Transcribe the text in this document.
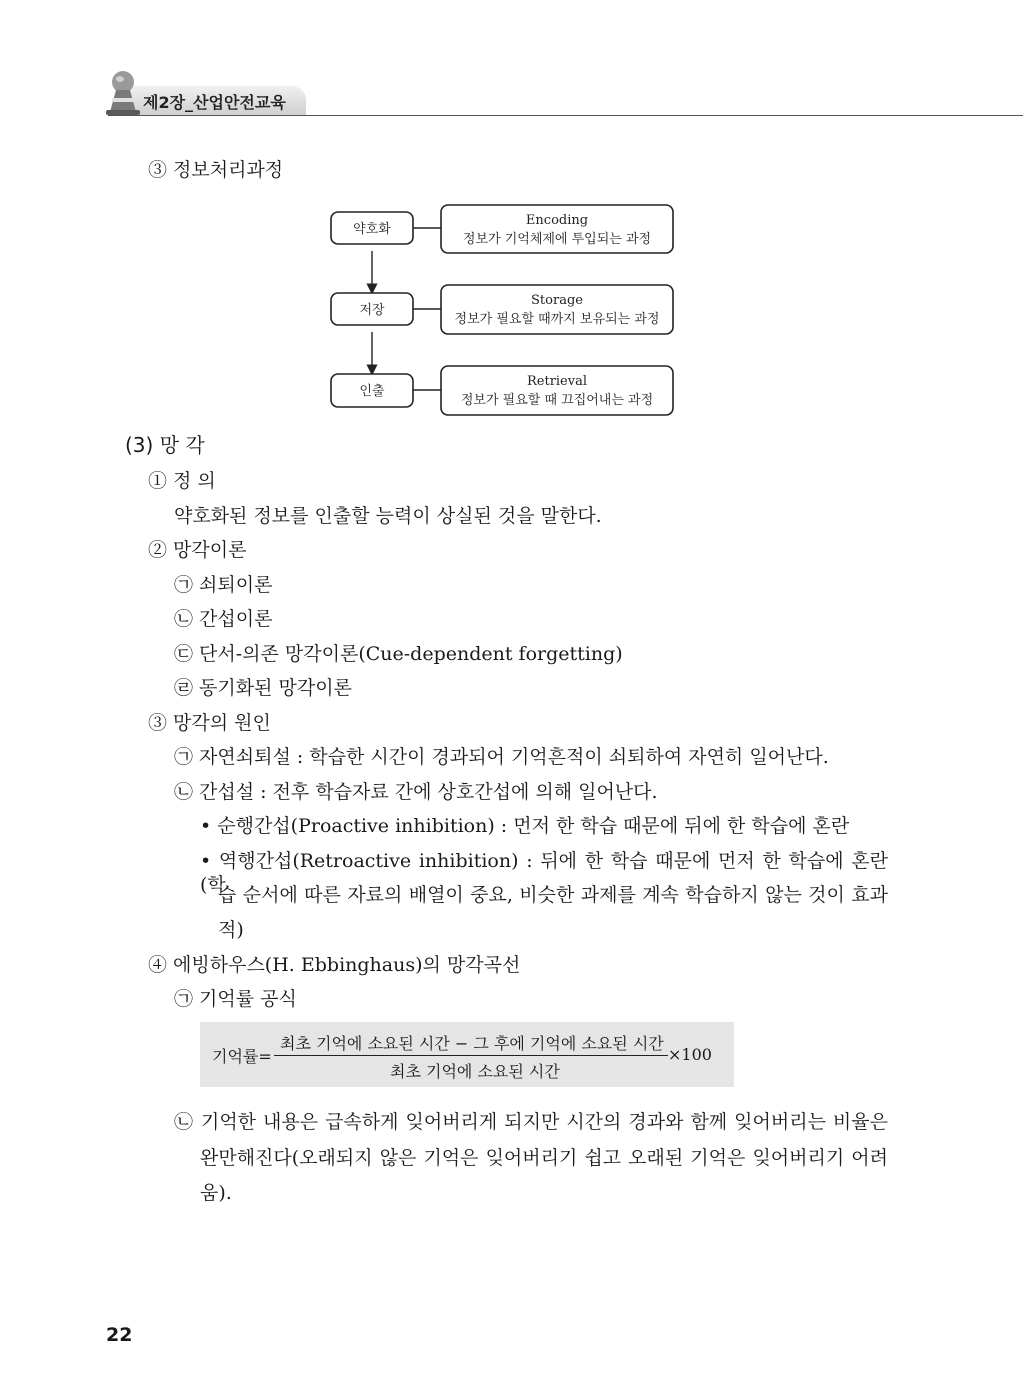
제2장_산업안전교육
③ 정보처리과정
약호화
Encoding
정보가 기억체제에 투입되는 과정
저장
Storage
정보가 필요할 때까지 보유되는 과정
인출
Retrieval
정보가 필요할 때 끄집어내는 과정
(3) 망 각
① 정 의
약호화된 정보를 인출할 능력이 상실된 것을 말한다.
② 망각이론
㉠ 쇠퇴이론
㉡ 간섭이론
㉢ 단서-의존 망각이론(Cue-dependent forgetting)
㉣ 동기화된 망각이론
③ 망각의 원인
㉠ 자연쇠퇴설 : 학습한 시간이 경과되어 기억흔적이 쇠퇴하여 자연히 일어난다.
㉡ 간섭설 : 전후 학습자료 간에 상호간섭에 의해 일어난다.
• 순행간섭(Proactive inhibition) : 먼저 한 학습 때문에 뒤에 한 학습에 혼란
• 역행간섭(Retroactive inhibition) : 뒤에 한 학습 때문에 먼저 한 학습에 혼란(학
습 순서에 따른 자료의 배열이 중요, 비슷한 과제를 계속 학습하지 않는 것이 효과
적)
④ 에빙하우스(H. Ebbinghaus)의 망각곡선
㉠ 기억률 공식
기억률=
최초 기억에 소요된 시간 − 그 후에 기억에 소요된 시간
최초 기억에 소요된 시간
×100
㉡ 기억한 내용은 급속하게 잊어버리게 되지만 시간의 경과와 함께 잊어버리는 비율은
완만해진다(오래되지 않은 기억은 잊어버리기 쉽고 오래된 기억은 잊어버리기 어려
움).
22
